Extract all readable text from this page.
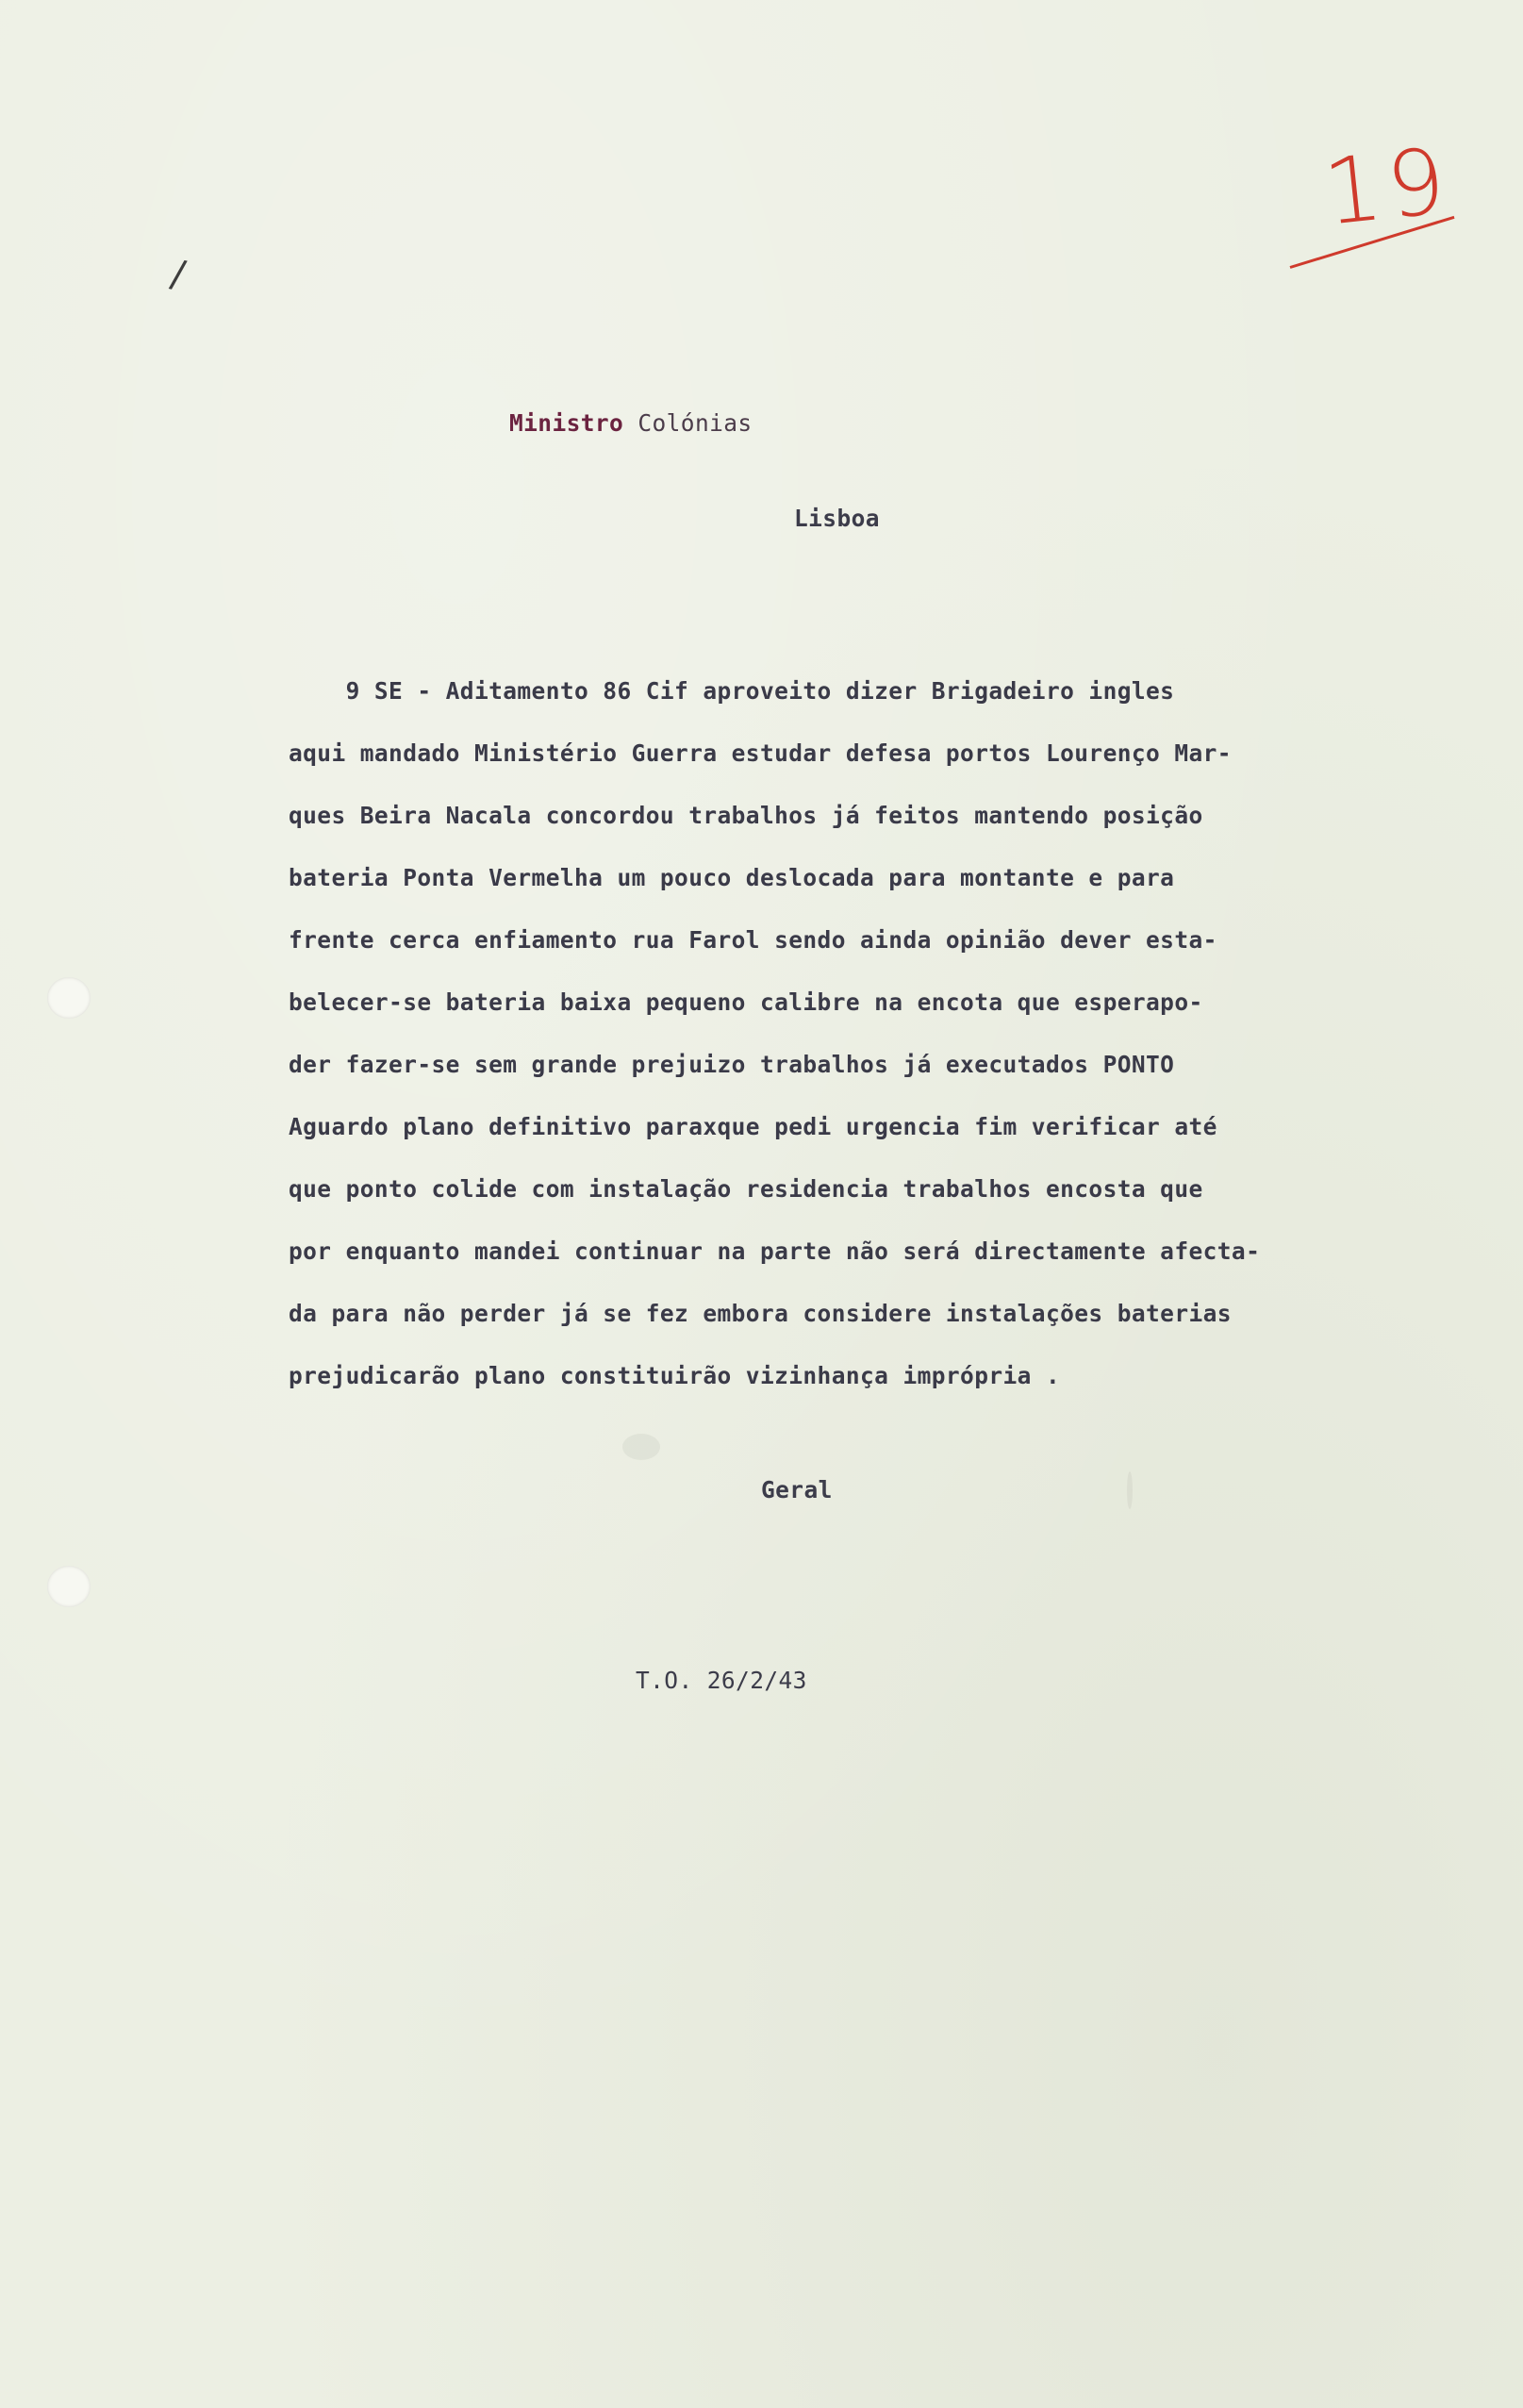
/
19
Ministro Colónias
Lisboa
9 SE - Aditamento 86 Cif aproveito dizer Brigadeiro ingles
aqui mandado Ministério Guerra estudar defesa portos Lourenço Mar-
ques Beira Nacala concordou trabalhos já feitos mantendo posição
bateria Ponta Vermelha um pouco deslocada para montante e para
frente cerca enfiamento rua Farol sendo ainda opinião dever esta-
belecer-se bateria baixa pequeno calibre na encota que esperapo-
der fazer-se sem grande prejuizo trabalhos já executados PONTO
Aguardo plano definitivo paraxque pedi urgencia fim verificar até
que ponto colide com instalação residencia trabalhos encosta que
por enquanto mandei continuar na parte não será directamente afecta-
da para não perder já se fez embora considere instalações baterias
prejudicarão plano constituirão vizinhança imprópria .
Geral
T.O. 26/2/43
